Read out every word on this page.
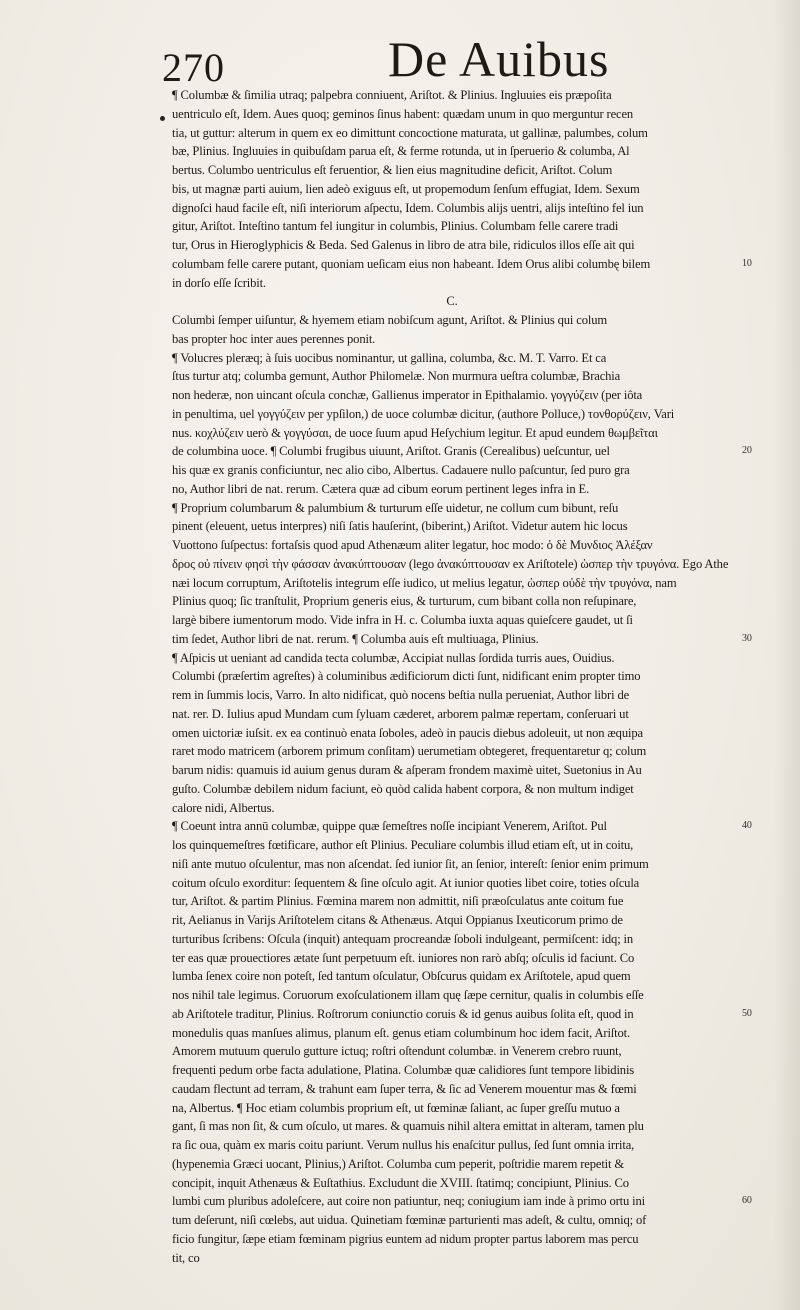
270	De Auibus
¶ Columbæ & ſimilia utraq; palpebra conniuent, Ariſtot. & Plinius. Ingluuies eis præpoſita
uentriculo eſt, Idem. Aues quoq; geminos ſinus habent: quædam unum in quo merguntur recen
tia, ut guttur: alterum in quem ex eo dimittunt concoctione maturata, ut gallinæ, palumbes, colum
bæ, Plinius. Ingluuies in quibuſdam parua eſt, & ferme rotunda, ut in ſperuerio & columba, Al
bertus. Columbo uentriculus eſt feruentior, & lien eius magnitudine deficit, Ariſtot. Colum
bis, ut magnæ parti auium, lien adeò exiguus eſt, ut propemodum ſenſum effugiat, Idem. Sexum
dignoſci haud facile eſt, niſi interiorum aſpectu, Idem. Columbis alijs uentri, alijs inteſtino fel iun
gitur, Ariſtot. Inteſtino tantum fel iungitur in columbis, Plinius. Columbam felle carere tradi
tur, Orus in Hieroglyphicis & Beda. Sed Galenus in libro de atra bile, ridiculos illos eſſe ait qui
columbam felle carere putant, quoniam ueſicam eius non habeant. Idem Orus alibi columbę bilem	10
in dorſo eſſe ſcribit.
C.
Columbi ſemper uiſuntur, & hyemem etiam nobiſcum agunt, Ariſtot. & Plinius qui colum
bas propter hoc inter aues perennes ponit.
¶ Volucres pleræq; à ſuis uocibus nominantur, ut gallina, columba, &c. M. T. Varro. Et ca
ſtus turtur atq; columba gemunt, Author Philomelæ. Non murmura ueſtra columbæ, Brachia
non hederæ, non uincant oſcula conchæ, Gallienus imperator in Epithalamio. γογγύζειν (per iôta
in penultima, uel γογγύζειν per ypſilon,) de uoce columbæ dicitur, (authore Polluce,) τονθορύζειν, Vari
nus. κοχλύζειν uerò & γογγύσαι, de uoce ſuum apud Heſychium legitur. Et apud eundem θωμβεῖται
de columbina uoce. ¶ Columbi frugibus uiuunt, Ariſtot. Granis (Cerealibus) ueſcuntur, uel	20
his quæ ex granis conficiuntur, nec alio cibo, Albertus. Cadauere nullo paſcuntur, ſed puro gra
no, Author libri de nat. rerum. Cætera quæ ad cibum eorum pertinent leges infra in E.
¶ Proprium columbarum & palumbium & turturum eſſe uidetur, ne collum cum bibunt, reſu
pinent (eleuent, uetus interpres) niſi ſatis hauſerint, (biberint,) Ariſtot. Videtur autem hic locus
Vuottono ſuſpectus: fortaſsis quod apud Athenæum aliter legatur, hoc modo: ὁ δὲ Μυνδιος Ἀλέξαν
δρος οὐ πίνειν φησὶ τὴν φάσσαν ἀνακύπτουσαν (lego ἀνακύπτουσαν ex Ariſtotele) ὡσπερ τὴν τρυγόνα. Ego Athe
næi locum corruptum, Ariſtotelis integrum eſſe iudico, ut melius legatur, ὡσπερ οὐδὲ τὴν τρυγόνα, nam
Plinius quoq; ſic tranſtulit, Proprium generis eius, & turturum, cum bibant colla non reſupinare,
largè bibere iumentorum modo. Vide infra in H. c. Columba iuxta aquas quieſcere gaudet, ut ſi
tim ſedet, Author libri de nat. rerum. ¶ Columba auis eſt multiuaga, Plinius.	30
¶ Aſpicis ut ueniant ad candida tecta columbæ, Accipiat nullas ſordida turris aues, Ouidius.
Columbi (præſertim agreſtes) à columinibus ædificiorum dicti ſunt, nidificant enim propter timo
rem in ſummis locis, Varro. In alto nidificat, quò nocens beſtia nulla perueniat, Author libri de
nat. rer. D. Iulius apud Mundam cum ſyluam cæderet, arborem palmæ repertam, conſeruari ut
omen uictoriæ iuſsit. ex ea continuò enata ſoboles, adeò in paucis diebus adoleuit, ut non æquipa
raret modo matricem (arborem primum conſitam) uerumetiam obtegeret, frequentaretur q; colum
barum nidis: quamuis id auium genus duram & aſperam frondem maximè uitet, Suetonius in Au
guſto. Columbæ debilem nidum faciunt, eò quòd calida habent corpora, & non multum indiget
calore nidi, Albertus.
¶ Coeunt intra annū columbæ, quippe quæ ſemeſtres noſſe incipiant Venerem, Ariſtot. Pul	40
los quinquemeſtres fœtificare, author eſt Plinius. Peculiare columbis illud etiam eſt, ut in coitu,
niſi ante mutuo oſculentur, mas non aſcendat. ſed iunior ſit, an ſenior, intereſt: ſenior enim primum
coitum oſculo exorditur: ſequentem & ſine oſculo agit. At iunior quoties libet coire, toties oſcula
tur, Ariſtot. & partim Plinius. Fœmina marem non admittit, niſi præoſculatus ante coitum fue
rit, Aelianus in Varijs Ariſtotelem citans & Athenæus. Atqui Oppianus Ixeuticorum primo de
turturibus ſcribens: Oſcula (inquit) antequam procreandæ ſoboli indulgeant, permiſcent: idq; in
ter eas quæ prouectiores ætate ſunt perpetuum eſt. iuniores non rarò abſq; oſculis id faciunt. Co
lumba ſenex coire non poteſt, ſed tantum oſculatur, Obſcurus quidam ex Ariſtotele, apud quem
nos nihil tale legimus. Coruorum exoſculationem illam quę ſæpe cernitur, qualis in columbis eſſe
ab Ariſtotele traditur, Plinius. Roſtrorum coniunctio coruis & id genus auibus ſolita eſt, quod in	50
monedulis quas manſues alimus, planum eſt. genus etiam columbinum hoc idem facit, Ariſtot.
Amorem mutuum querulo gutture ictuq; roſtri oſtendunt columbæ. in Venerem crebro ruunt,
frequenti pedum orbe facta adulatione, Platina. Columbæ quæ calidiores ſunt tempore libidinis
caudam flectunt ad terram, & trahunt eam ſuper terra, & ſic ad Venerem mouentur mas & fœmi
na, Albertus. ¶ Hoc etiam columbis proprium eſt, ut fœminæ ſaliant, ac ſuper greſſu mutuo a
gant, ſi mas non ſit, & cum oſculo, ut mares. & quamuis nihil altera emittat in alteram, tamen plu
ra ſic oua, quàm ex maris coitu pariunt. Verum nullus his enaſcitur pullus, ſed ſunt omnia irrita,
(hypenemia Græci uocant, Plinius,) Ariſtot. Columba cum peperit, poſtridie marem repetit &
concipit, inquit Athenæus & Euſtathius. Excludunt die XVIII. ſtatimq; concipiunt, Plinius. Co
lumbi cum pluribus adoleſcere, aut coire non patiuntur, neq; coniugium iam inde à primo ortu ini	60
tum deſerunt, niſi cœlebs, aut uidua. Quinetiam fœminæ parturienti mas adeſt, & cultu, omniq; of
ficio fungitur, ſæpe etiam fœminam pigrius euntem ad nidum propter partus laborem mas percu
tit, co
